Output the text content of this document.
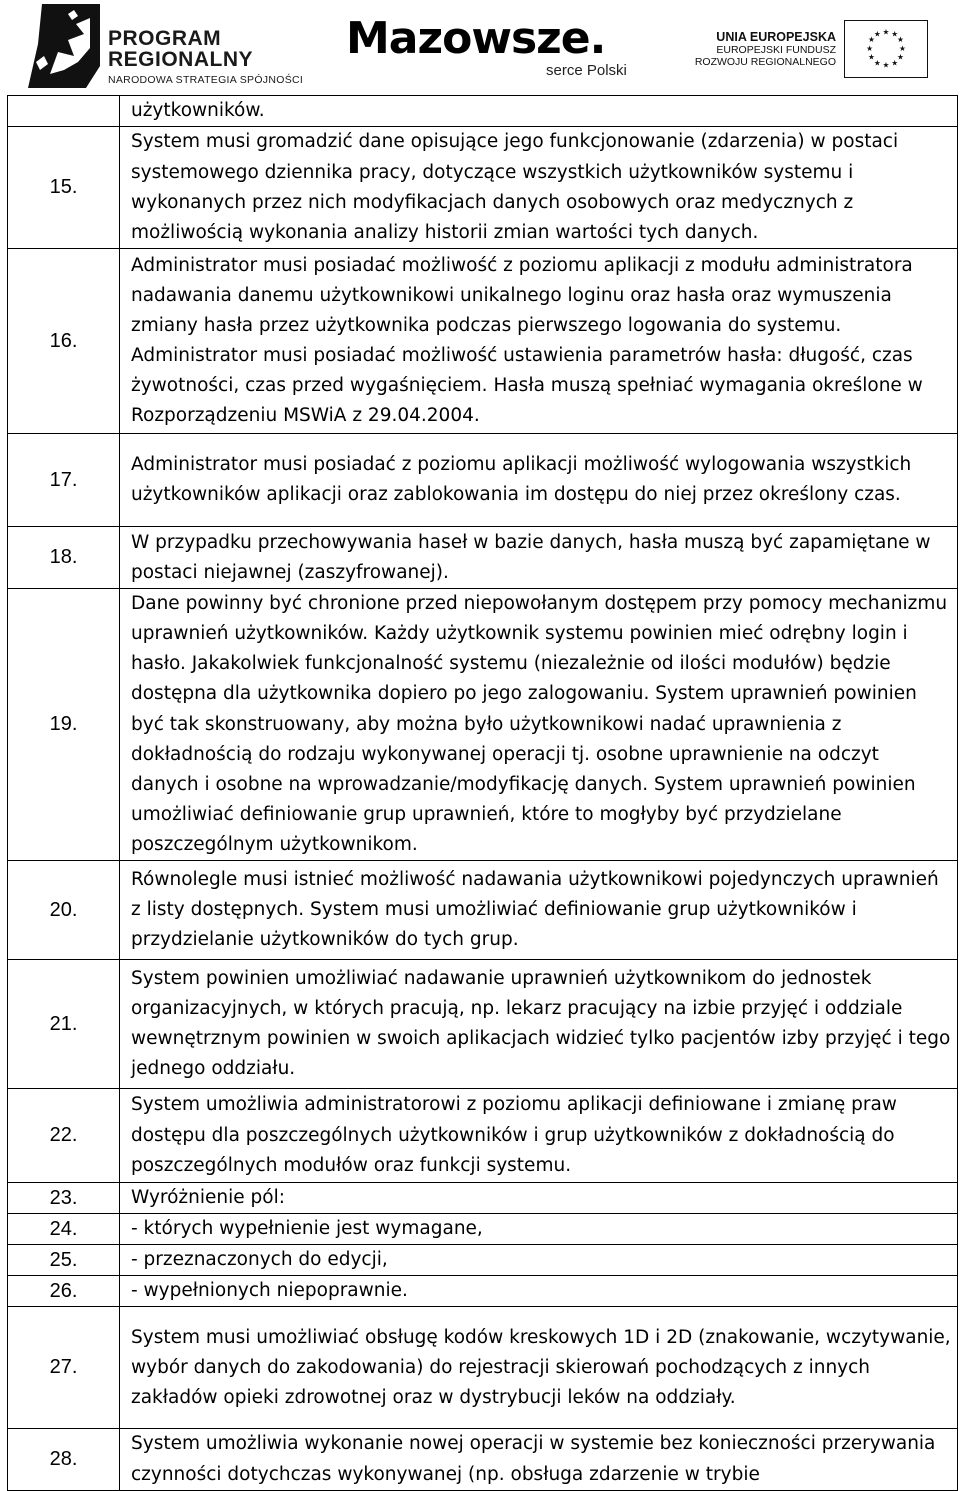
PROGRAM
REGIONALNY
NARODOWA STRATEGIA SPÓJNOŚCI
Mazowsze.
serce Polski
UNIA EUROPEJSKA
EUROPEJSKI FUNDUSZ
ROZWOJU REGIONALNEGO
★ ★
★
★
★
★
★
★
★
★
★
★
	użytkowników.
15.	System musi gromadzić dane opisujące jego funkcjonowanie (zdarzenia) w postaci systemowego dziennika pracy, dotyczące wszystkich użytkowników systemu i wykonanych przez nich modyfikacjach danych osobowych oraz medycznych z możliwością wykonania analizy historii zmian wartości tych danych.
16.	Administrator musi posiadać możliwość z poziomu aplikacji z modułu administratora nadawania danemu użytkownikowi unikalnego loginu oraz hasła oraz wymuszenia zmiany hasła przez użytkownika podczas pierwszego logowania do systemu. Administrator musi posiadać możliwość ustawienia parametrów hasła: długość, czas żywotności, czas przed wygaśnięciem. Hasła muszą spełniać wymagania określone w Rozporządzeniu MSWiA z 29.04.2004.
17.	Administrator musi posiadać z poziomu aplikacji możliwość wylogowania wszystkich użytkowników aplikacji oraz zablokowania im dostępu do niej przez określony czas.
18.	W przypadku przechowywania haseł w bazie danych, hasła muszą być zapamiętane w postaci niejawnej (zaszyfrowanej).
19.	Dane powinny być chronione przed niepowołanym dostępem przy pomocy mechanizmu uprawnień użytkowników. Każdy użytkownik systemu powinien mieć odrębny login i hasło. Jakakolwiek funkcjonalność systemu (niezależnie od ilości modułów) będzie dostępna dla użytkownika dopiero po jego zalogowaniu. System uprawnień powinien być tak skonstruowany, aby można było użytkownikowi nadać uprawnienia z dokładnością do rodzaju wykonywanej operacji tj. osobne uprawnienie na odczyt danych i osobne na wprowadzanie/modyfikację danych. System uprawnień powinien umożliwiać definiowanie grup uprawnień, które to mogłyby być przydzielane poszczególnym użytkownikom.
20.	Równolegle musi istnieć możliwość nadawania użytkownikowi pojedynczych uprawnień z listy dostępnych. System musi umożliwiać definiowanie grup użytkowników i przydzielanie użytkowników do tych grup.
21.	System powinien umożliwiać nadawanie uprawnień użytkownikom do jednostek organizacyjnych, w których pracują, np. lekarz pracujący na izbie przyjęć i oddziale wewnętrznym powinien w swoich aplikacjach widzieć tylko pacjentów izby przyjęć i tego jednego oddziału.
22.	System umożliwia administratorowi z poziomu aplikacji definiowane i zmianę praw dostępu dla poszczególnych użytkowników i grup użytkowników z dokładnością do poszczególnych modułów oraz funkcji systemu.
23.	Wyróżnienie pól:
24.	- których wypełnienie jest wymagane,
25.	- przeznaczonych do edycji,
26.	- wypełnionych niepoprawnie.
27.	System musi umożliwiać obsługę kodów kreskowych 1D i 2D (znakowanie, wczytywanie, wybór danych do zakodowania) do rejestracji skierowań pochodzących z innych zakładów opieki zdrowotnej oraz w dystrybucji leków na oddziały.
28.	System umożliwia wykonanie nowej operacji w systemie bez konieczności przerywania czynności dotychczas wykonywanej (np. obsługa zdarzenie w trybie
